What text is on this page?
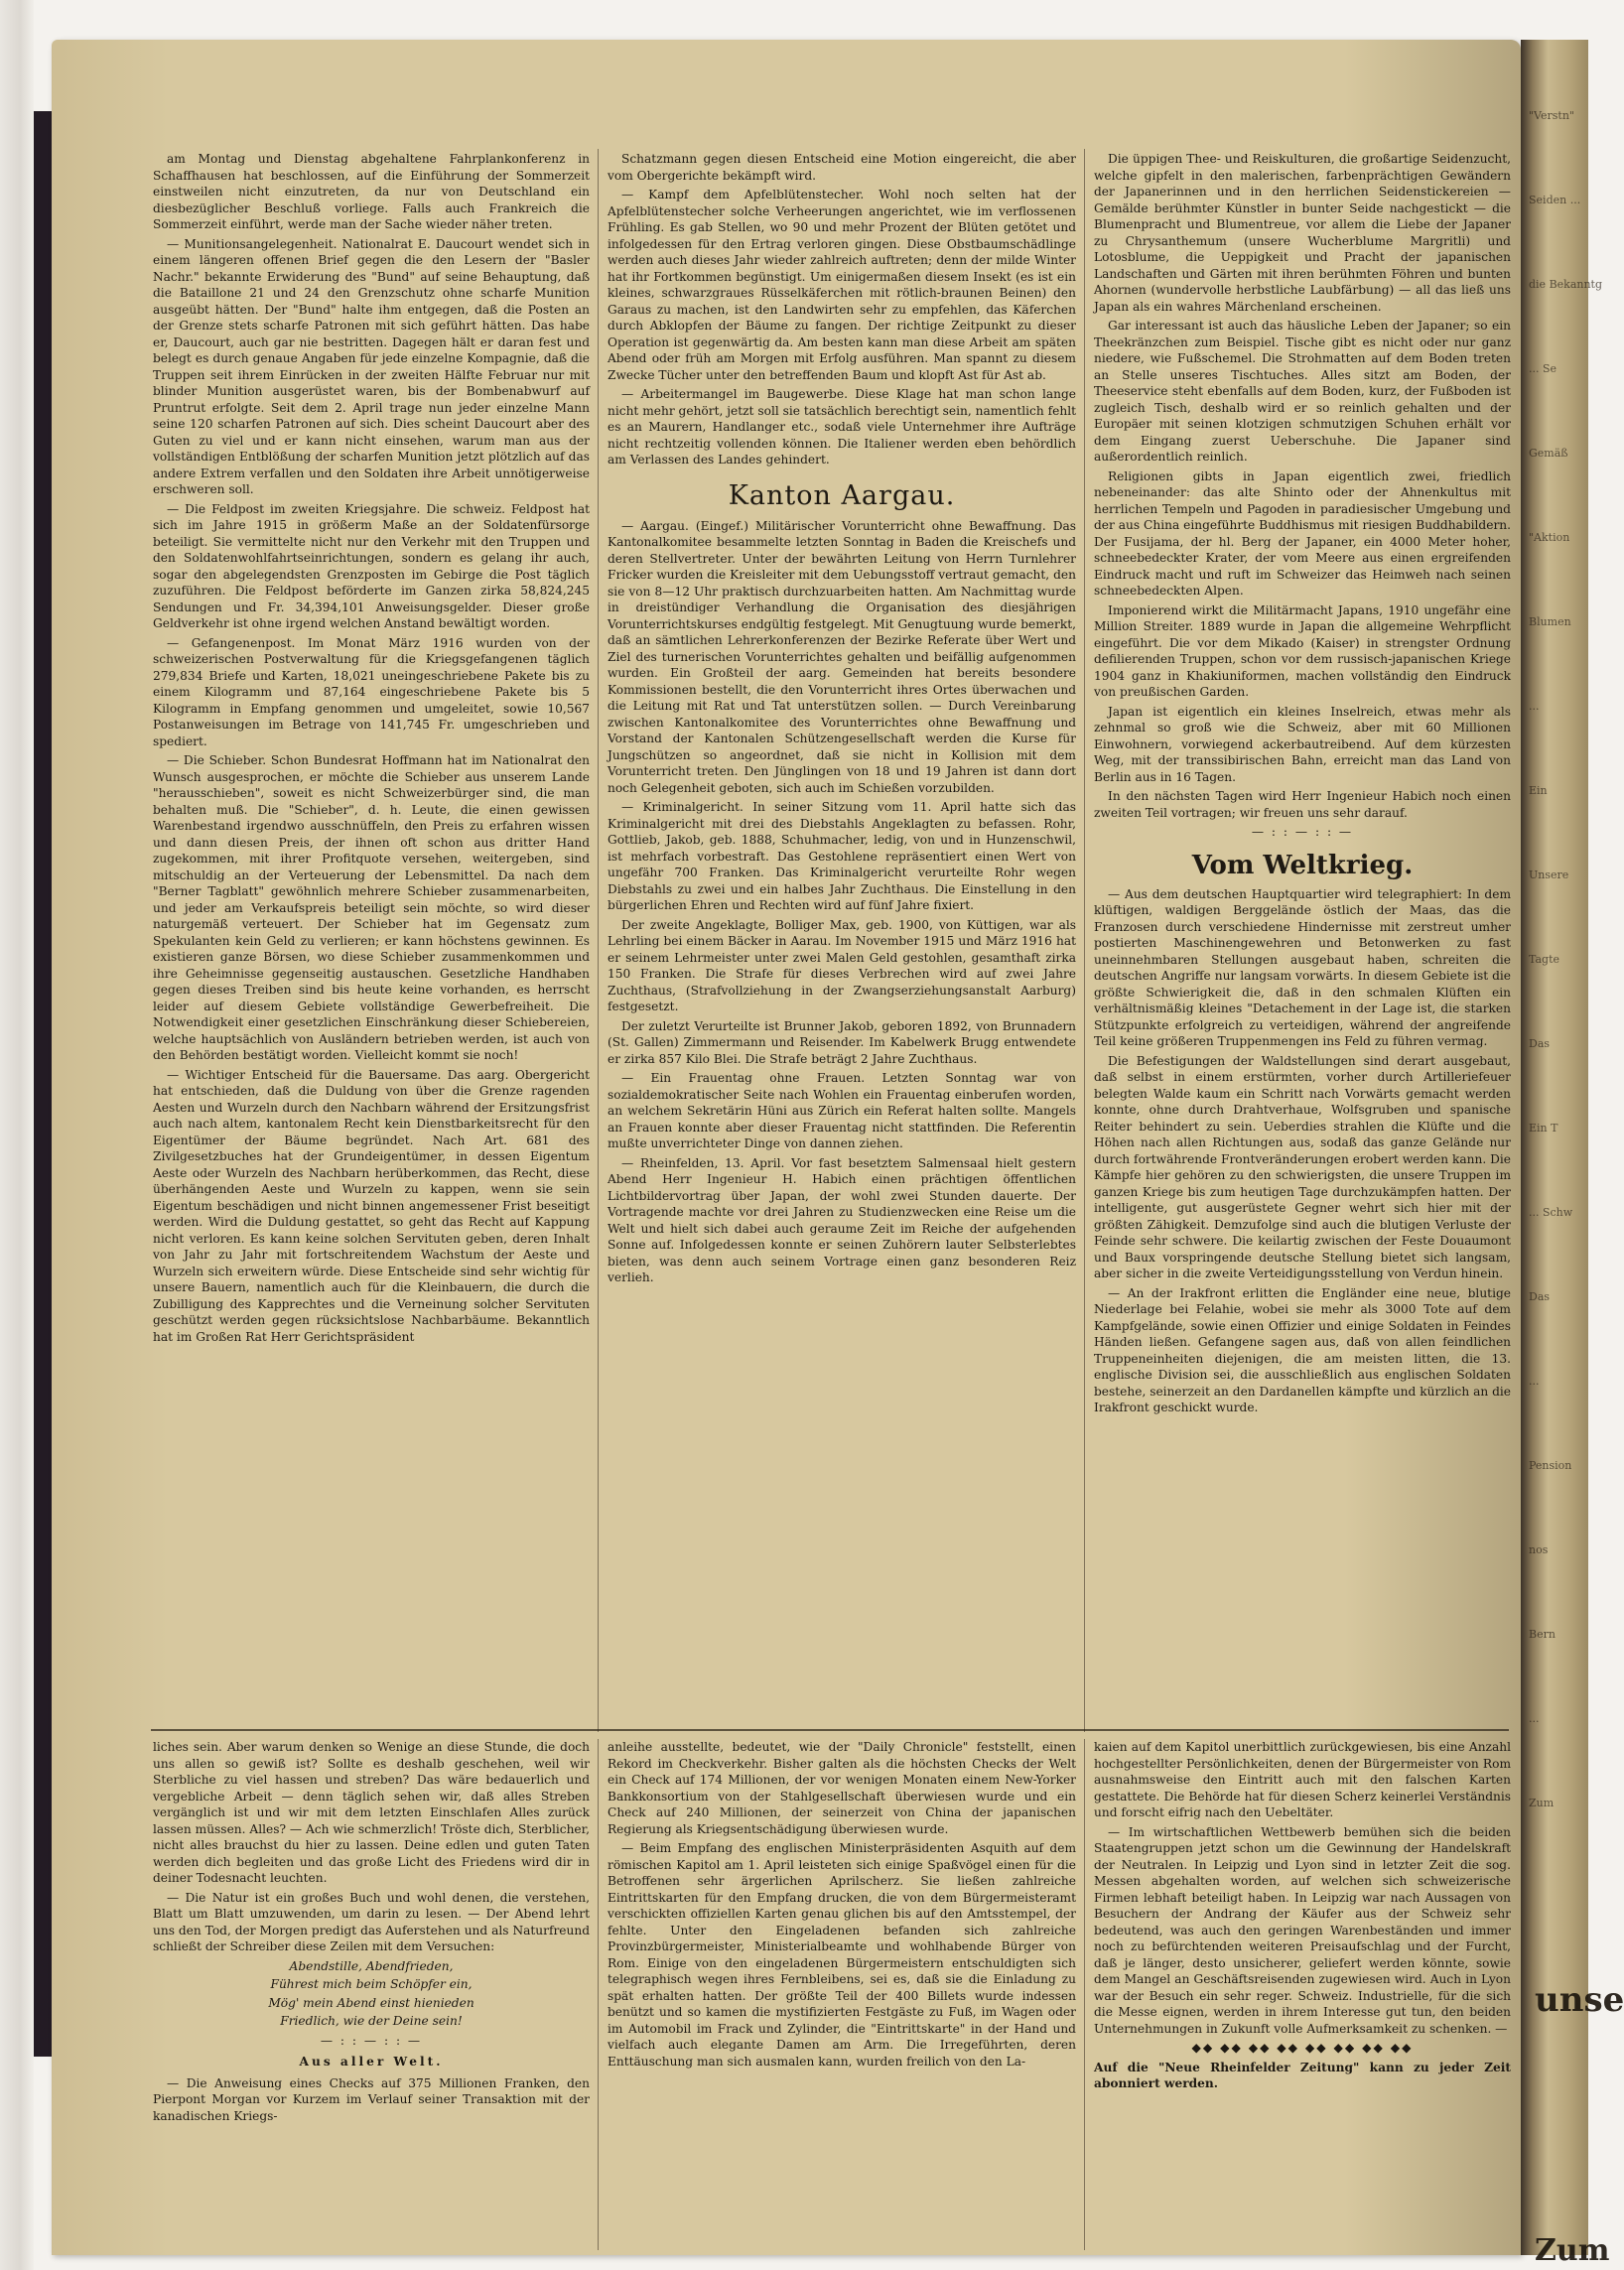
am Montag und Dienstag abgehaltene Fahrplankonferenz in Schaffhausen hat beschlossen, auf die Einführung der Sommerzeit einstweilen nicht einzutreten, da nur von Deutschland ein diesbezüglicher Beschluß vorliege. Falls auch Frankreich die Sommerzeit einführt, werde man der Sache wieder näher treten.

— Munitionsangelegenheit. Nationalrat E. Daucourt wendet sich in einem längeren offenen Brief gegen die den Lesern der "Basler Nachr." bekannte Erwiderung des "Bund" auf seine Behauptung, daß die Bataillone 21 und 24 den Grenzschutz ohne scharfe Munition ausgeübt hätten. Der "Bund" halte ihm entgegen, daß die Posten an der Grenze stets scharfe Patronen mit sich geführt hätten. Das habe er, Daucourt, auch gar nie bestritten. Dagegen hält er daran fest und belegt es durch genaue Angaben für jede einzelne Kompagnie, daß die Truppen seit ihrem Einrücken in der zweiten Hälfte Februar nur mit blinder Munition ausgerüstet waren, bis der Bombenabwurf auf Pruntrut erfolgte. Seit dem 2. April trage nun jeder einzelne Mann seine 120 scharfen Patronen auf sich. Dies scheint Daucourt aber des Guten zu viel und er kann nicht einsehen, warum man aus der vollständigen Entblößung der scharfen Munition jetzt plötzlich auf das andere Extrem verfallen und den Soldaten ihre Arbeit unnötigerweise erschweren soll.

— Die Feldpost im zweiten Kriegsjahre. Die schweiz. Feldpost hat sich im Jahre 1915 in größerm Maße an der Soldatenfürsorge beteiligt. Sie vermittelte nicht nur den Verkehr mit den Truppen und den Soldatenwohlfahrtseinrichtungen, sondern es gelang ihr auch, sogar den abgelegendsten Grenzposten im Gebirge die Post täglich zuzuführen. Die Feldpost beförderte im Ganzen zirka 58,824,245 Sendungen und Fr. 34,394,101 Anweisungsgelder. Dieser große Geldverkehr ist ohne irgend welchen Anstand bewältigt worden.

— Gefangenenpost. Im Monat März 1916 wurden von der schweizerischen Postverwaltung für die Kriegsgefangenen täglich 279,834 Briefe und Karten, 18,021 uneingeschriebene Pakete bis zu einem Kilogramm und 87,164 eingeschriebene Pakete bis 5 Kilogramm in Empfang genommen und umgeleitet, sowie 10,567 Postanweisungen im Betrage von 141,745 Fr. umgeschrieben und spediert.

— Die Schieber. Schon Bundesrat Hoffmann hat im Nationalrat den Wunsch ausgesprochen, er möchte die Schieber aus unserem Lande "herausschieben", soweit es nicht Schweizerbürger sind, die man behalten muß. Die "Schieber", d. h. Leute, die einen gewissen Warenbestand irgendwo ausschnüffeln, den Preis zu erfahren wissen und dann diesen Preis, der ihnen oft schon aus dritter Hand zugekommen, mit ihrer Profitquote versehen, weitergeben, sind mitschuldig an der Verteuerung der Lebensmittel. Da nach dem "Berner Tagblatt" gewöhnlich mehrere Schieber zusammenarbeiten, und jeder am Verkaufspreis beteiligt sein möchte, so wird dieser naturgemäß verteuert. Der Schieber hat im Gegensatz zum Spekulanten kein Geld zu verlieren; er kann höchstens gewinnen. Es existieren ganze Börsen, wo diese Schieber zusammenkommen und ihre Geheimnisse gegenseitig austauschen. Gesetzliche Handhaben gegen dieses Treiben sind bis heute keine vorhanden, es herrscht leider auf diesem Gebiete vollständige Gewerbefreiheit. Die Notwendigkeit einer gesetzlichen Einschränkung dieser Schiebereien, welche hauptsächlich von Ausländern betrieben werden, ist auch von den Behörden bestätigt worden. Vielleicht kommt sie noch!

— Wichtiger Entscheid für die Bauersame. Das aarg. Obergericht hat entschieden, daß die Duldung von über die Grenze ragenden Aesten und Wurzeln durch den Nachbarn während der Ersitzungsfrist auch nach altem, kantonalem Recht kein Dienstbarkeitsrecht für den Eigentümer der Bäume begründet. Nach Art. 681 des Zivilgesetzbuches hat der Grundeigentümer, in dessen Eigentum Aeste oder Wurzeln des Nachbarn herüberkommen, das Recht, diese überhängenden Aeste und Wurzeln zu kappen, wenn sie sein Eigentum beschädigen und nicht binnen angemessener Frist beseitigt werden. Wird die Duldung gestattet, so geht das Recht auf Kappung nicht verloren. Es kann keine solchen Servituten geben, deren Inhalt von Jahr zu Jahr mit fortschreitendem Wachstum der Aeste und Wurzeln sich erweitern würde. Diese Entscheide sind sehr wichtig für unsere Bauern, namentlich auch für die Kleinbauern, die durch die Zubilligung des Kapprechtes und die Verneinung solcher Servituten geschützt werden gegen rücksichtslose Nachbarbäume. Bekanntlich hat im Großen Rat Herr Gerichtspräsident

Schatzmann gegen diesen Entscheid eine Motion eingereicht, die aber vom Obergerichte bekämpft wird.

— Kampf dem Apfelblütenstecher. Wohl noch selten hat der Apfelblütenstecher solche Verheerungen angerichtet, wie im verflossenen Frühling. Es gab Stellen, wo 90 und mehr Prozent der Blüten getötet und infolgedessen für den Ertrag verloren gingen. Diese Obstbaumschädlinge werden auch dieses Jahr wieder zahlreich auftreten; denn der milde Winter hat ihr Fortkommen begünstigt. Um einigermaßen diesem Insekt (es ist ein kleines, schwarzgraues Rüsselkäferchen mit rötlich-braunen Beinen) den Garaus zu machen, ist den Landwirten sehr zu empfehlen, das Käferchen durch Abklopfen der Bäume zu fangen. Der richtige Zeitpunkt zu dieser Operation ist gegenwärtig da. Am besten kann man diese Arbeit am späten Abend oder früh am Morgen mit Erfolg ausführen. Man spannt zu diesem Zwecke Tücher unter den betreffenden Baum und klopft Ast für Ast ab.

— Arbeitermangel im Baugewerbe. Diese Klage hat man schon lange nicht mehr gehört, jetzt soll sie tatsächlich berechtigt sein, namentlich fehlt es an Maurern, Handlanger etc., sodaß viele Unternehmer ihre Aufträge nicht rechtzeitig vollenden können. Die Italiener werden eben behördlich am Verlassen des Landes gehindert.

Kanton Aargau.

— Aargau. (Eingef.) Militärischer Vorunterricht ohne Bewaffnung. Das Kantonalkomitee besammelte letzten Sonntag in Baden die Kreischefs und deren Stellvertreter. Unter der bewährten Leitung von Herrn Turnlehrer Fricker wurden die Kreisleiter mit dem Uebungsstoff vertraut gemacht, den sie von 8—12 Uhr praktisch durchzuarbeiten hatten. Am Nachmittag wurde in dreistündiger Verhandlung die Organisation des diesjährigen Vorunterrichtskurses endgültig festgelegt. Mit Genugtuung wurde bemerkt, daß an sämtlichen Lehrerkonferenzen der Bezirke Referate über Wert und Ziel des turnerischen Vorunterrichtes gehalten und beifällig aufgenommen wurden. Ein Großteil der aarg. Gemeinden hat bereits besondere Kommissionen bestellt, die den Vorunterricht ihres Ortes überwachen und die Leitung mit Rat und Tat unterstützen sollen. — Durch Vereinbarung zwischen Kantonalkomitee des Vorunterrichtes ohne Bewaffnung und Vorstand der Kantonalen Schützengesellschaft werden die Kurse für Jungschützen so angeordnet, daß sie nicht in Kollision mit dem Vorunterricht treten. Den Jünglingen von 18 und 19 Jahren ist dann dort noch Gelegenheit geboten, sich auch im Schießen vorzubilden.

— Kriminalgericht. In seiner Sitzung vom 11. April hatte sich das Kriminalgericht mit drei des Diebstahls Angeklagten zu befassen. Rohr, Gottlieb, Jakob, geb. 1888, Schuhmacher, ledig, von und in Hunzenschwil, ist mehrfach vorbestraft. Das Gestohlene repräsentiert einen Wert von ungefähr 700 Franken. Das Kriminalgericht verurteilte Rohr wegen Diebstahls zu zwei und ein halbes Jahr Zuchthaus. Die Einstellung in den bürgerlichen Ehren und Rechten wird auf fünf Jahre fixiert.

Der zweite Angeklagte, Bolliger Max, geb. 1900, von Küttigen, war als Lehrling bei einem Bäcker in Aarau. Im November 1915 und März 1916 hat er seinem Lehrmeister unter zwei Malen Geld gestohlen, gesamthaft zirka 150 Franken. Die Strafe für dieses Verbrechen wird auf zwei Jahre Zuchthaus, (Strafvollziehung in der Zwangserziehungsanstalt Aarburg) festgesetzt.

Der zuletzt Verurteilte ist Brunner Jakob, geboren 1892, von Brunnadern (St. Gallen) Zimmermann und Reisender. Im Kabelwerk Brugg entwendete er zirka 857 Kilo Blei. Die Strafe beträgt 2 Jahre Zuchthaus.

— Ein Frauentag ohne Frauen. Letzten Sonntag war von sozialdemokratischer Seite nach Wohlen ein Frauentag einberufen worden, an welchem Sekretärin Hüni aus Zürich ein Referat halten sollte. Mangels an Frauen konnte aber dieser Frauentag nicht stattfinden. Die Referentin mußte unverrichteter Dinge von dannen ziehen.

— Rheinfelden, 13. April. Vor fast besetztem Salmensaal hielt gestern Abend Herr Ingenieur H. Habich einen prächtigen öffentlichen Lichtbildervortrag über Japan, der wohl zwei Stunden dauerte. Der Vortragende machte vor drei Jahren zu Studienzwecken eine Reise um die Welt und hielt sich dabei auch geraume Zeit im Reiche der aufgehenden Sonne auf. Infolgedessen konnte er seinen Zuhörern lauter Selbsterlebtes bieten, was denn auch seinem Vortrage einen ganz besonderen Reiz verlieh.

Die üppigen Thee- und Reiskulturen, die großartige Seidenzucht, welche gipfelt in den malerischen, farbenprächtigen Gewändern der Japanerinnen und in den herrlichen Seidenstickereien — Gemälde berühmter Künstler in bunter Seide nachgestickt — die Blumenpracht und Blumentreue, vor allem die Liebe der Japaner zu Chrysanthemum (unsere Wucherblume Margritli) und Lotosblume, die Ueppigkeit und Pracht der japanischen Landschaften und Gärten mit ihren berühmten Föhren und bunten Ahornen (wundervolle herbstliche Laubfärbung) — all das ließ uns Japan als ein wahres Märchenland erscheinen.

Gar interessant ist auch das häusliche Leben der Japaner; so ein Theekränzchen zum Beispiel. Tische gibt es nicht oder nur ganz niedere, wie Fußschemel. Die Strohmatten auf dem Boden treten an Stelle unseres Tischtuches. Alles sitzt am Boden, der Theeservice steht ebenfalls auf dem Boden, kurz, der Fußboden ist zugleich Tisch, deshalb wird er so reinlich gehalten und der Europäer mit seinen klotzigen schmutzigen Schuhen erhält vor dem Eingang zuerst Ueberschuhe. Die Japaner sind außerordentlich reinlich.

Religionen gibts in Japan eigentlich zwei, friedlich nebeneinander: das alte Shinto oder der Ahnenkultus mit herrlichen Tempeln und Pagoden in paradiesischer Umgebung und der aus China eingeführte Buddhismus mit riesigen Buddhabildern. Der Fusijama, der hl. Berg der Japaner, ein 4000 Meter hoher, schneebedeckter Krater, der vom Meere aus einen ergreifenden Eindruck macht und ruft im Schweizer das Heimweh nach seinen schneebedeckten Alpen.

Imponierend wirkt die Militärmacht Japans, 1910 ungefähr eine Million Streiter. 1889 wurde in Japan die allgemeine Wehrpflicht eingeführt. Die vor dem Mikado (Kaiser) in strengster Ordnung defilierenden Truppen, schon vor dem russisch-japanischen Kriege 1904 ganz in Khakiuniformen, machen vollständig den Eindruck von preußischen Garden.

Japan ist eigentlich ein kleines Inselreich, etwas mehr als zehnmal so groß wie die Schweiz, aber mit 60 Millionen Einwohnern, vorwiegend ackerbautreibend. Auf dem kürzesten Weg, mit der transsibirischen Bahn, erreicht man das Land von Berlin aus in 16 Tagen.

In den nächsten Tagen wird Herr Ingenieur Habich noch einen zweiten Teil vortragen; wir freuen uns sehr darauf.

— : : — : : —
Vom Weltkrieg.

— Aus dem deutschen Hauptquartier wird telegraphiert: In dem klüftigen, waldigen Berggelände östlich der Maas, das die Franzosen durch verschiedene Hindernisse mit zerstreut umher postierten Maschinengewehren und Betonwerken zu fast uneinnehmbaren Stellungen ausgebaut haben, schreiten die deutschen Angriffe nur langsam vorwärts. In diesem Gebiete ist die größte Schwierigkeit die, daß in den schmalen Klüften ein verhältnismäßig kleines "Detachement in der Lage ist, die starken Stützpunkte erfolgreich zu verteidigen, während der angreifende Teil keine größeren Truppenmengen ins Feld zu führen vermag.

Die Befestigungen der Waldstellungen sind derart ausgebaut, daß selbst in einem erstürmten, vorher durch Artilleriefeuer belegten Walde kaum ein Schritt nach Vorwärts gemacht werden konnte, ohne durch Drahtverhaue, Wolfsgruben und spanische Reiter behindert zu sein. Ueberdies strahlen die Klüfte und die Höhen nach allen Richtungen aus, sodaß das ganze Gelände nur durch fortwährende Frontveränderungen erobert werden kann. Die Kämpfe hier gehören zu den schwierigsten, die unsere Truppen im ganzen Kriege bis zum heutigen Tage durchzukämpfen hatten. Der intelligente, gut ausgerüstete Gegner wehrt sich hier mit der größten Zähigkeit. Demzufolge sind auch die blutigen Verluste der Feinde sehr schwere. Die keilartig zwischen der Feste Douaumont und Baux vorspringende deutsche Stellung bietet sich langsam, aber sicher in die zweite Verteidigungsstellung von Verdun hinein.

— An der Irakfront erlitten die Engländer eine neue, blutige Niederlage bei Felahie, wobei sie mehr als 3000 Tote auf dem Kampfgelände, sowie einen Offizier und einige Soldaten in Feindes Händen ließen. Gefangene sagen aus, daß von allen feindlichen Truppeneinheiten diejenigen, die am meisten litten, die 13. englische Division sei, die ausschließlich aus englischen Soldaten bestehe, seinerzeit an den Dardanellen kämpfte und kürzlich an die Irakfront geschickt wurde.

liches sein. Aber warum denken so Wenige an diese Stunde, die doch uns allen so gewiß ist? Sollte es deshalb geschehen, weil wir Sterbliche zu viel hassen und streben? Das wäre bedauerlich und vergebliche Arbeit — denn täglich sehen wir, daß alles Streben vergänglich ist und wir mit dem letzten Einschlafen Alles zurück lassen müssen. Alles? — Ach wie schmerzlich! Tröste dich, Sterblicher, nicht alles brauchst du hier zu lassen. Deine edlen und guten Taten werden dich begleiten und das große Licht des Friedens wird dir in deiner Todesnacht leuchten.

— Die Natur ist ein großes Buch und wohl denen, die verstehen, Blatt um Blatt umzuwenden, um darin zu lesen. — Der Abend lehrt uns den Tod, der Morgen predigt das Auferstehen und als Naturfreund schließt der Schreiber diese Zeilen mit dem Versuchen:

Abendstille, Abendfrieden,
Führest mich beim Schöpfer ein,
Mög' mein Abend einst hienieden
Friedlich, wie der Deine sein!
— : : — : : —
Aus aller Welt.

— Die Anweisung eines Checks auf 375 Millionen Franken, den Pierpont Morgan vor Kurzem im Verlauf seiner Transaktion mit der kanadischen Kriegs-

anleihe ausstellte, bedeutet, wie der "Daily Chronicle" feststellt, einen Rekord im Checkverkehr. Bisher galten als die höchsten Checks der Welt ein Check auf 174 Millionen, der vor wenigen Monaten einem New-Yorker Bankkonsortium von der Stahlgesellschaft überwiesen wurde und ein Check auf 240 Millionen, der seinerzeit von China der japanischen Regierung als Kriegsentschädigung überwiesen wurde.

— Beim Empfang des englischen Ministerpräsidenten Asquith auf dem römischen Kapitol am 1. April leisteten sich einige Spaßvögel einen für die Betroffenen sehr ärgerlichen Aprilscherz. Sie ließen zahlreiche Eintrittskarten für den Empfang drucken, die von dem Bürgermeisteramt verschickten offiziellen Karten genau glichen bis auf den Amtsstempel, der fehlte. Unter den Eingeladenen befanden sich zahlreiche Provinzbürgermeister, Ministerialbeamte und wohlhabende Bürger von Rom. Einige von den eingeladenen Bürgermeistern entschuldigten sich telegraphisch wegen ihres Fernbleibens, sei es, daß sie die Einladung zu spät erhalten hatten. Der größte Teil der 400 Billets wurde indessen benützt und so kamen die mystifizierten Festgäste zu Fuß, im Wagen oder im Automobil im Frack und Zylinder, die "Eintrittskarte" in der Hand und vielfach auch elegante Damen am Arm. Die Irregeführten, deren Enttäuschung man sich ausmalen kann, wurden freilich von den La-

kaien auf dem Kapitol unerbittlich zurückgewiesen, bis eine Anzahl hochgestellter Persönlichkeiten, denen der Bürgermeister von Rom ausnahmsweise den Eintritt auch mit den falschen Karten gestattete. Die Behörde hat für diesen Scherz keinerlei Verständnis und forscht eifrig nach den Uebeltäter.

— Im wirtschaftlichen Wettbewerb bemühen sich die beiden Staatengruppen jetzt schon um die Gewinnung der Handelskraft der Neutralen. In Leipzig und Lyon sind in letzter Zeit die sog. Messen abgehalten worden, auf welchen sich schweizerische Firmen lebhaft beteiligt haben. In Leipzig war nach Aussagen von Besuchern der Andrang der Käufer aus der Schweiz sehr bedeutend, was auch den geringen Warenbeständen und immer noch zu befürchtenden weiteren Preisaufschlag und der Furcht, daß je länger, desto unsicherer, geliefert werden könnte, sowie dem Mangel an Geschäftsreisenden zugewiesen wird. Auch in Lyon war der Besuch ein sehr reger. Schweiz. Industrielle, für die sich die Messe eignen, werden in ihrem Interesse gut tun, den beiden Unternehmungen in Zukunft volle Aufmerksamkeit zu schenken. —

◆◆ ◆◆ ◆◆ ◆◆ ◆◆ ◆◆ ◆◆ ◆◆

Auf die "Neue Rheinfelder Zeitung" kann zu jeder Zeit abonniert werden.

"Verstn"
Seiden ...
die Bekanntg
... Se
Gemäß
"Aktion
Blumen
...
Ein
Unsere
Tagte
Das
Ein T
... Schw
Das
...
Pension
nos
Bern
...
Zum
unse
Zum
